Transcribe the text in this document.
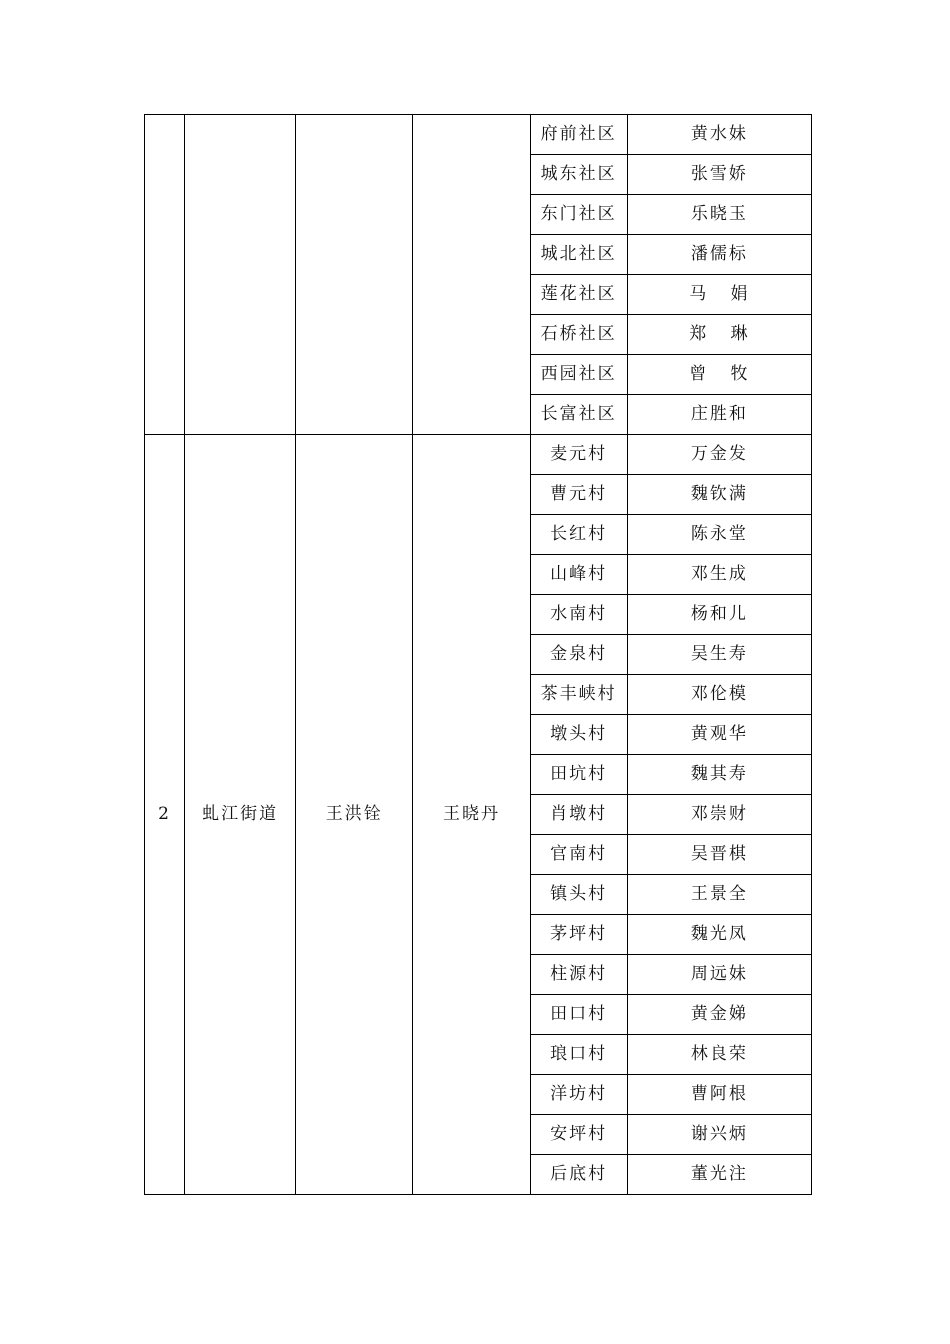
				府前社区	黄水妹
				城东社区	张雪娇
				东门社区	乐晓玉
				城北社区	潘儒标
				莲花社区	马   娟
				石桥社区	郑   琳
				西园社区	曾   牧
				长富社区	庄胜和
2	虬江街道	王洪铨	王晓丹	麦元村	万金发
				曹元村	魏钦满
				长红村	陈永堂
				山峰村	邓生成
				水南村	杨和儿
				金泉村	吴生寿
				茶丰峡村	邓伦模
				墩头村	黄观华
				田坑村	魏其寿
				肖墩村	邓崇财
				官南村	吴晋棋
				镇头村	王景全
				茅坪村	魏光凤
				柱源村	周远妹
				田口村	黄金娣
				琅口村	林良荣
				洋坊村	曹阿根
				安坪村	谢兴炳
				后底村	董光注
